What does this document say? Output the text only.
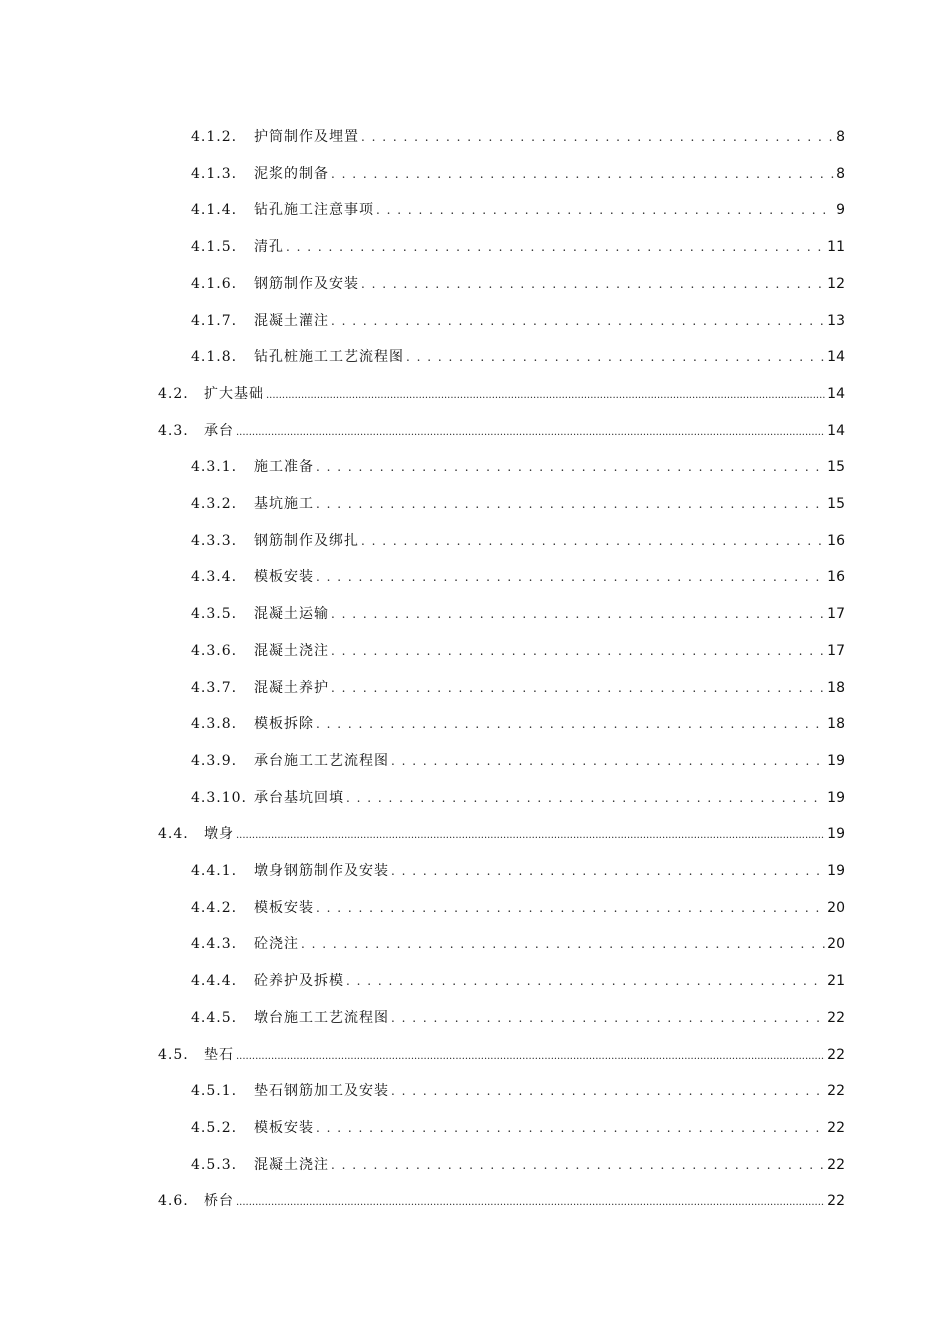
4.1.2.	护筒制作及埋置 . . .	8
4.1.3.	泥浆的制备 . . .	8
4.1.4.	钻孔施工注意事项 . . .	9
4.1.5.	清孔 . . .	11
4.1.6.	钢筋制作及安装 . . .	12
4.1.7.	混凝土灌注 . . .	13
4.1.8.	钻孔桩施工工艺流程图 . . .	14
4.2.	扩大基础 .....	14
4.3.	承台 .....	14
4.3.1.	施工准备 . . .	15
4.3.2.	基坑施工 . . .	15
4.3.3.	钢筋制作及绑扎 . . .	16
4.3.4.	模板安装 . . .	16
4.3.5.	混凝土运输 . . .	17
4.3.6.	混凝土浇注 . . .	17
4.3.7.	混凝土养护 . . .	18
4.3.8.	模板拆除 . . .	18
4.3.9.	承台施工工艺流程图 . . .	19
4.3.10. 承台基坑回填 . . .	19
4.4.	墩身 .....	19
4.4.1.	墩身钢筋制作及安装 . . .	19
4.4.2.	模板安装 . . .	20
4.4.3.	砼浇注 . . .	20
4.4.4.	砼养护及拆模 . . .	21
4.4.5.	墩台施工工艺流程图 . . .	22
4.5.	垫石 .....	22
4.5.1.	垫石钢筋加工及安装 . . .	22
4.5.2.	模板安装 . . .	22
4.5.3.	混凝土浇注 . . .	22
4.6.	桥台 .....	22
